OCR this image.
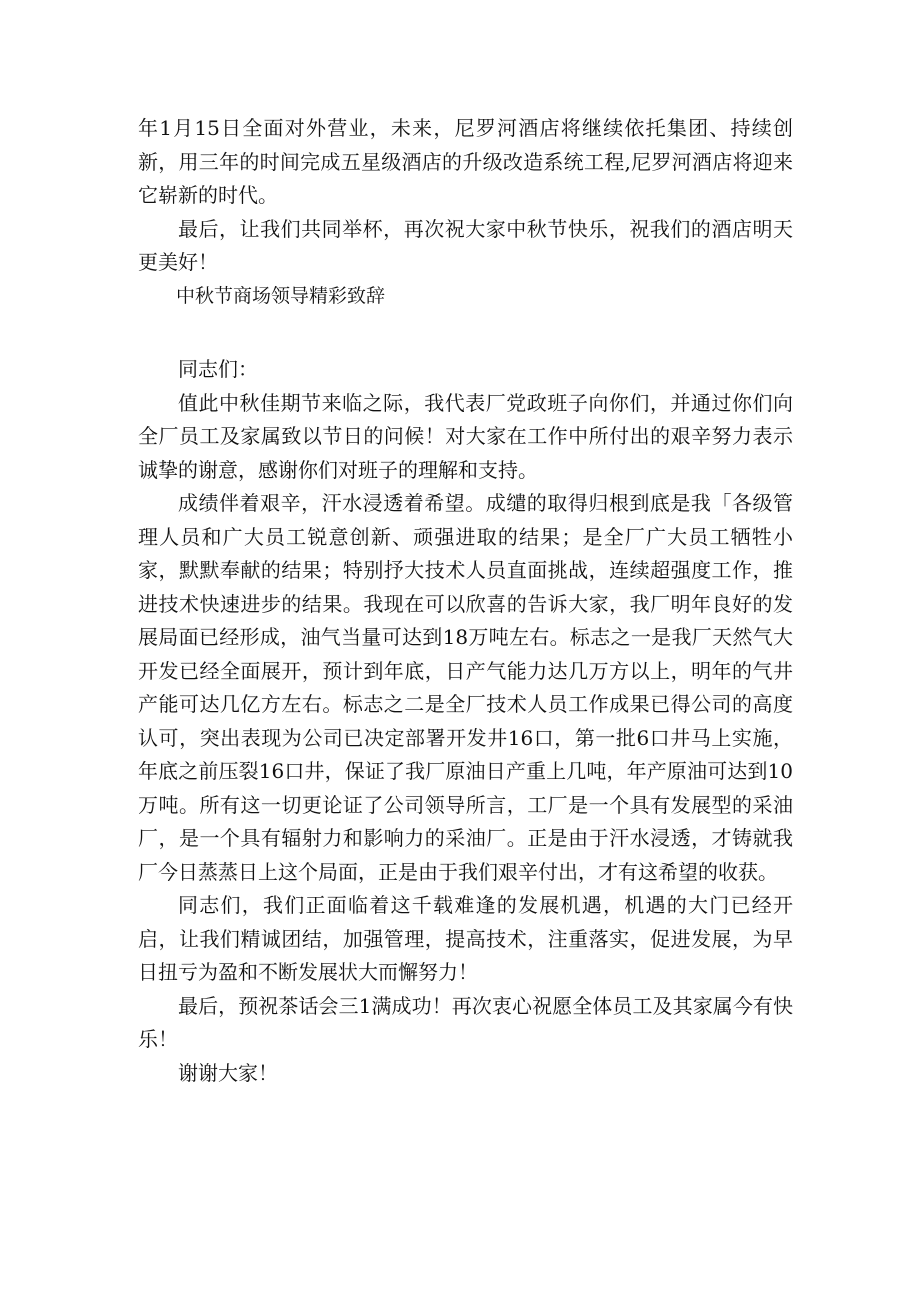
年1月15日全面对外营业，未来，尼罗河酒店将继续依托集团、持续创新，用三年的时间完成五星级酒店的升级改造系统工程,尼罗河酒店将迎来它崭新的时代。

最后，让我们共同举杯，再次祝大家中秋节快乐，祝我们的酒店明天更美好！

中秋节商场领导精彩致辞

同志们：

值此中秋佳期节来临之际，我代表厂党政班子向你们，并通过你们向全厂员工及家属致以节日的问候！对大家在工作中所付出的艰辛努力表示诚挚的谢意，感谢你们对班子的理解和支持。

成绩伴着艰辛，汗水浸透着希望。成缱的取得归根到底是我「各级管理人员和广大员工锐意创新、顽强进取的结果；是全厂广大员工牺牲小家，默默奉献的结果；特别抒大技术人员直面挑战，连续超强度工作，推进技术快速进步的结果。我现在可以欣喜的告诉大家，我厂明年良好的发展局面已经形成，油气当量可达到18万吨左右。标志之一是我厂天然气大开发已经全面展开，预计到年底，日产气能力达几万方以上，明年的气井产能可达几亿方左右。标志之二是全厂技术人员工作成果已得公司的高度认可，突出表现为公司已决定部署开发井16口，第一批6口井马上实施，年底之前压裂16口井，保证了我厂原油日产重上几吨，年产原油可达到10万吨。所有这一切更论证了公司领导所言，工厂是一个具有发展型的采油厂，是一个具有辐射力和影响力的采油厂。正是由于汗水浸透，才铸就我厂今日蒸蒸日上这个局面，正是由于我们艰辛付出，才有这希望的收获。

同志们，我们正面临着这千载难逢的发展机遇，机遇的大门已经开启，让我们精诚团结，加强管理，提高技术，注重落实，促进发展，为早日扭亏为盈和不断发展状大而懈努力！

最后，预祝茶话会三1满成功！再次衷心祝愿全体员工及其家属今有快乐！

谢谢大家！
